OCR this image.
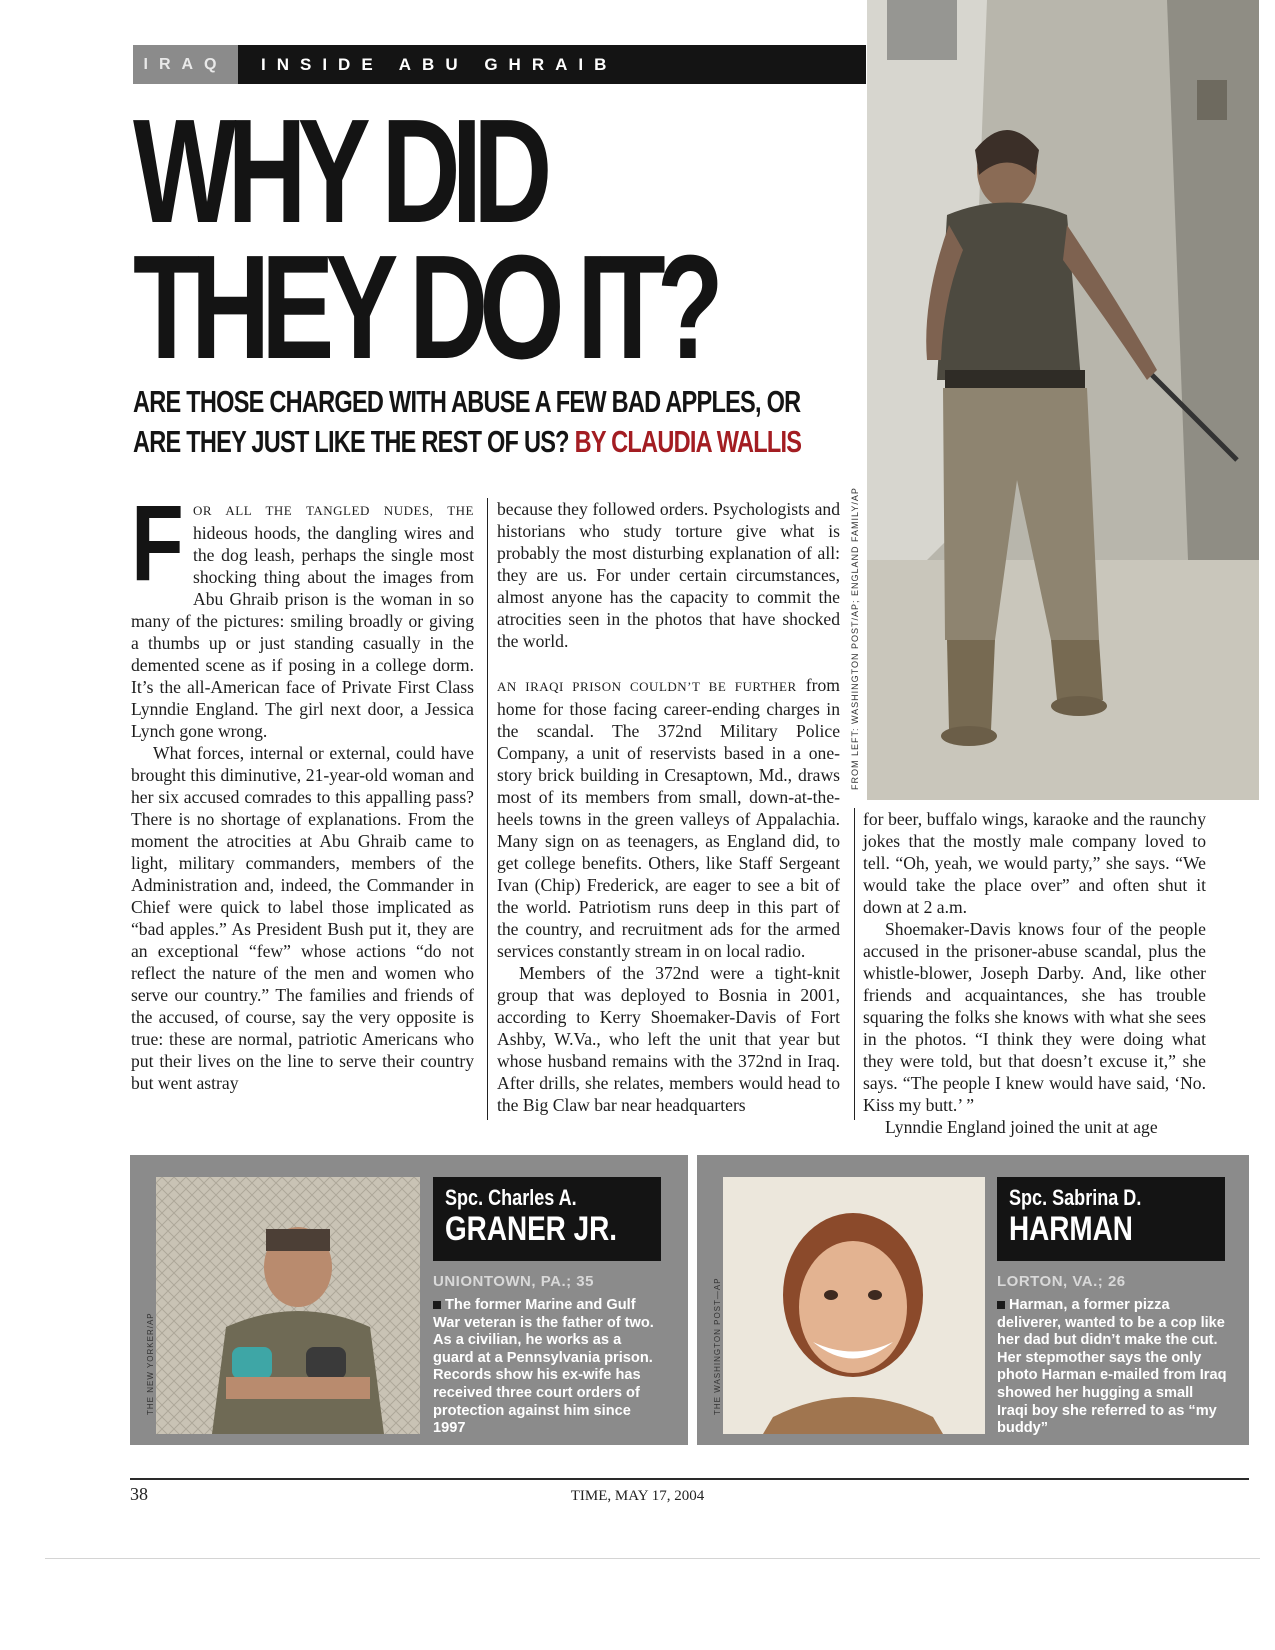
IRAQ	INSIDE ABU GHRAIB
WHY DID
THEY DO IT?
ARE THOSE CHARGED WITH ABUSE A FEW BAD APPLES, OR
ARE THEY JUST LIKE THE REST OF US? BY CLAUDIA WALLIS
FROM LEFT: WASHINGTON POST/AP; ENGLAND FAMILY/AP
F OR ALL THE TANGLED NUDES, THE hideous hoods, the dangling wires and the dog leash, perhaps the single most shocking thing about the images from Abu Ghraib prison is the woman in so many of the pictures: smiling broadly or giving a thumbs up or just standing casually in the demented scene as if posing in a college dorm. It’s the all-American face of Private First Class Lynndie England. The girl next door, a Jessica Lynch gone wrong.

What forces, internal or external, could have brought this diminutive, 21-year-old woman and her six accused comrades to this appalling pass? There is no shortage of explanations. From the moment the atrocities at Abu Ghraib came to light, military commanders, members of the Administration and, indeed, the Commander in Chief were quick to label those implicated as “bad apples.” As President Bush put it, they are an exceptional “few” whose actions “do not reflect the nature of the men and women who serve our country.” The families and friends of the accused, of course, say the very opposite is true: these are normal, patriotic Americans who put their lives on the line to serve their country but went astray

because they followed orders. Psychologists and historians who study torture give what is probably the most disturbing explanation of all: they are us. For under certain circumstances, almost anyone has the capacity to commit the atrocities seen in the photos that have shocked the world.

AN IRAQI PRISON COULDN’T BE FURTHER from home for those facing career-ending charges in the scandal. The 372nd Military Police Company, a unit of reservists based in a one-story brick building in Cresaptown, Md., draws most of its members from small, down-at-the-heels towns in the green valleys of Appalachia. Many sign on as teenagers, as England did, to get college benefits. Others, like Staff Sergeant Ivan (Chip) Frederick, are eager to see a bit of the world. Patriotism runs deep in this part of the country, and recruitment ads for the armed services constantly stream in on local radio.

Members of the 372nd were a tight-knit group that was deployed to Bosnia in 2001, according to Kerry Shoemaker-Davis of Fort Ashby, W.Va., who left the unit that year but whose husband remains with the 372nd in Iraq. After drills, she relates, members would head to the Big Claw bar near headquarters

for beer, buffalo wings, karaoke and the raunchy jokes that the mostly male company loved to tell. “Oh, yeah, we would party,” she says. “We would take the place over” and often shut it down at 2 a.m.

Shoemaker-Davis knows four of the people accused in the prisoner-abuse scandal, plus the whistle-blower, Joseph Darby. And, like other friends and acquaintances, she has trouble squaring the folks she knows with what she sees in the photos. “I think they were doing what they were told, but that doesn’t excuse it,” she says. “The people I knew would have said, ‘No. Kiss my butt.’ ”

Lynndie England joined the unit at age

THE NEW YORKER/AP
Spc. Charles A.
GRANER JR.
UNIONTOWN, PA.; 35
The former Marine and Gulf War veteran is the father of two. As a civilian, he works as a guard at a Pennsylvania prison. Records show his ex-wife has received three court orders of protection against him since 1997
THE WASHINGTON POST—AP
Spc. Sabrina D.
HARMAN
LORTON, VA.; 26
Harman, a former pizza deliverer, wanted to be a cop like her dad but didn’t make the cut. Her stepmother says the only photo Harman e-mailed from Iraq showed her hugging a small Iraqi boy she referred to as “my buddy”
38	TIME, MAY 17, 2004
